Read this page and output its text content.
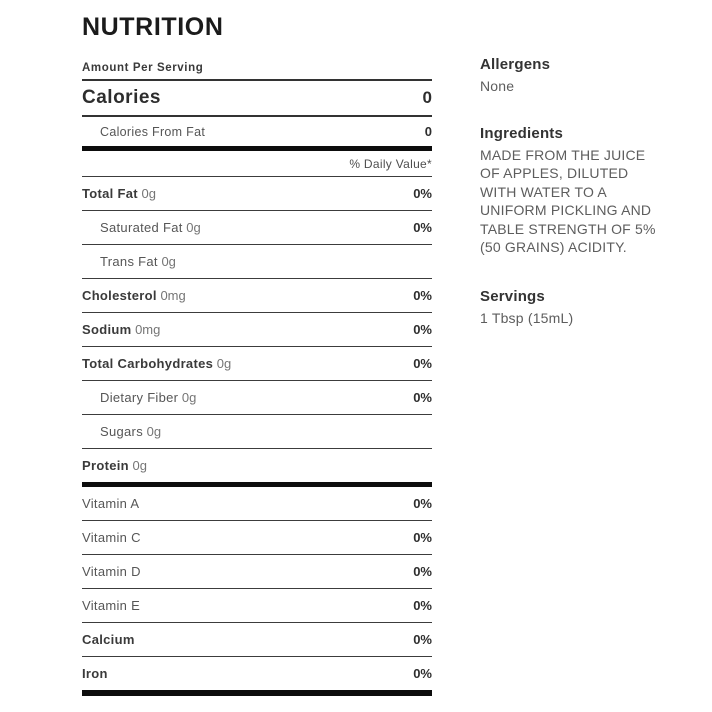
NUTRITION
Amount Per Serving
Calories	0
Calories From Fat	0
% Daily Value*
Total Fat 0g	0%
Saturated Fat 0g	0%
Trans Fat 0g
Cholesterol 0mg	0%
Sodium 0mg	0%
Total Carbohydrates 0g	0%
Dietary Fiber 0g	0%
Sugars 0g
Protein 0g
Vitamin A	0%
Vitamin C	0%
Vitamin D	0%
Vitamin E	0%
Calcium	0%
Iron	0%
Allergens

None

Ingredients

MADE FROM THE JUICE OF APPLES, DILUTED WITH WATER TO A UNIFORM PICKLING AND TABLE STRENGTH OF 5% (50 GRAINS) ACIDITY.

Servings

1 Tbsp (15mL)
